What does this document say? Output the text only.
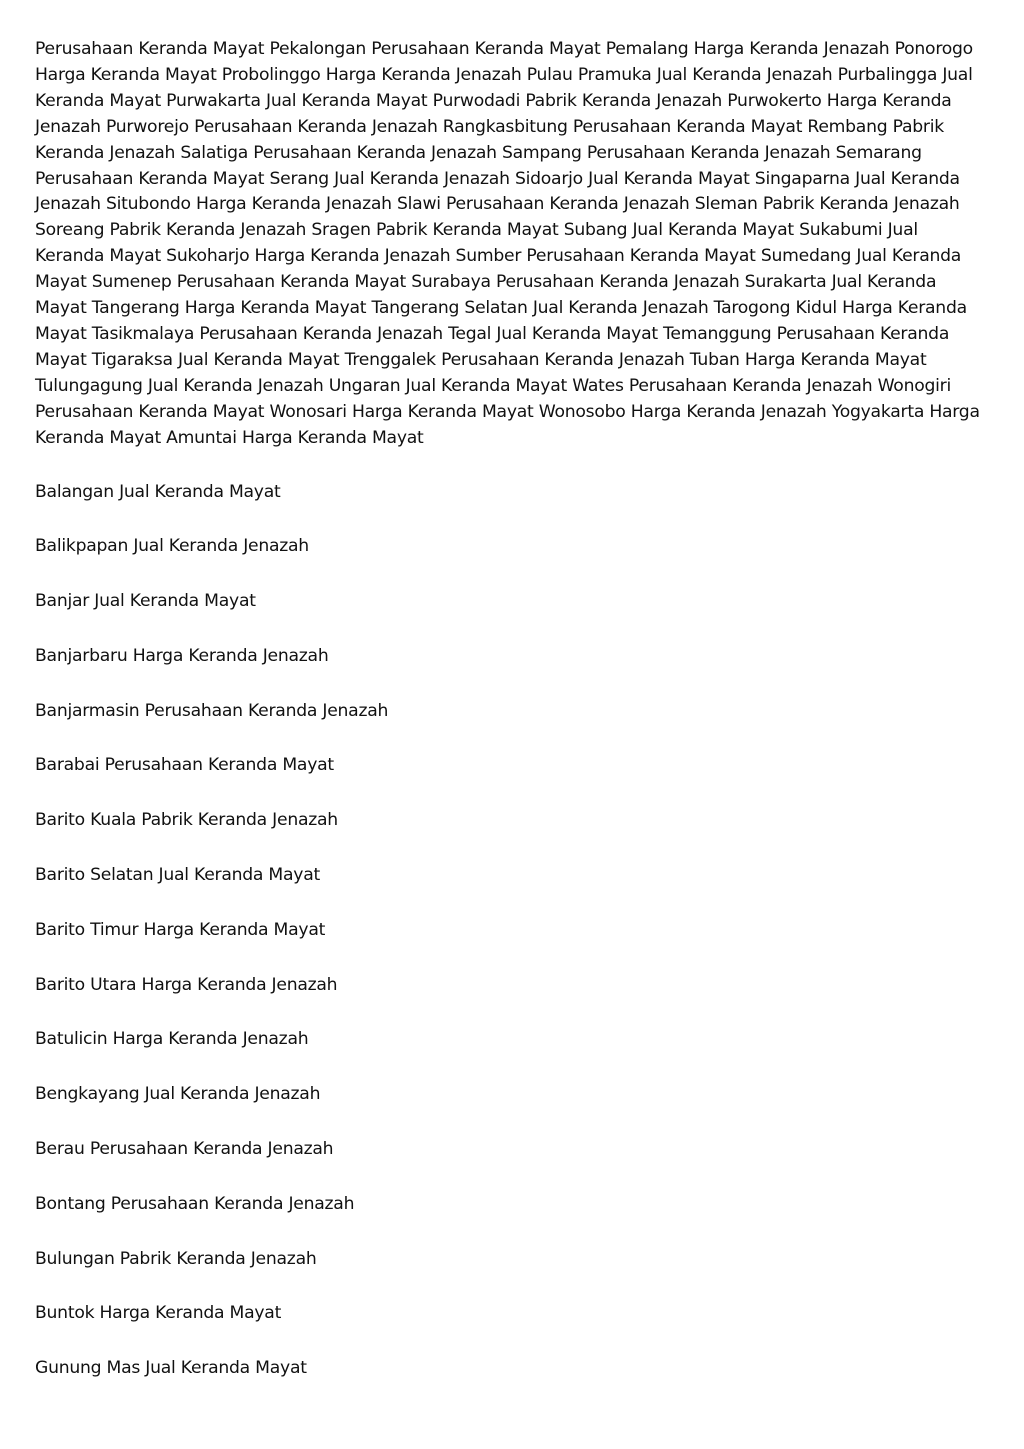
Perusahaan Keranda Mayat Pekalongan Perusahaan Keranda Mayat Pemalang Harga Keranda Jenazah Ponorogo Harga Keranda Mayat Probolinggo Harga Keranda Jenazah Pulau Pramuka Jual Keranda Jenazah Purbalingga Jual Keranda Mayat Purwakarta Jual Keranda Mayat Purwodadi Pabrik Keranda Jenazah Purwokerto Harga Keranda Jenazah Purworejo Perusahaan Keranda Jenazah Rangkasbitung Perusahaan Keranda Mayat Rembang Pabrik Keranda Jenazah Salatiga Perusahaan Keranda Jenazah Sampang Perusahaan Keranda Jenazah Semarang Perusahaan Keranda Mayat Serang Jual Keranda Jenazah Sidoarjo Jual Keranda Mayat Singaparna Jual Keranda Jenazah Situbondo Harga Keranda Jenazah Slawi Perusahaan Keranda Jenazah Sleman Pabrik Keranda Jenazah Soreang Pabrik Keranda Jenazah Sragen Pabrik Keranda Mayat Subang Jual Keranda Mayat Sukabumi Jual Keranda Mayat Sukoharjo Harga Keranda Jenazah Sumber Perusahaan Keranda Mayat Sumedang Jual Keranda Mayat Sumenep Perusahaan Keranda Mayat Surabaya Perusahaan Keranda Jenazah Surakarta Jual Keranda Mayat Tangerang Harga Keranda Mayat Tangerang Selatan Jual Keranda Jenazah Tarogong Kidul Harga Keranda Mayat Tasikmalaya Perusahaan Keranda Jenazah Tegal Jual Keranda Mayat Temanggung Perusahaan Keranda Mayat Tigaraksa Jual Keranda Mayat Trenggalek Perusahaan Keranda Jenazah Tuban Harga Keranda Mayat Tulungagung Jual Keranda Jenazah Ungaran Jual Keranda Mayat Wates Perusahaan Keranda Jenazah Wonogiri Perusahaan Keranda Mayat Wonosari Harga Keranda Mayat Wonosobo Harga Keranda Jenazah Yogyakarta Harga Keranda Mayat Amuntai Harga Keranda Mayat

Balangan Jual Keranda Mayat

Balikpapan Jual Keranda Jenazah

Banjar Jual Keranda Mayat

Banjarbaru Harga Keranda Jenazah

Banjarmasin Perusahaan Keranda Jenazah

Barabai Perusahaan Keranda Mayat

Barito Kuala Pabrik Keranda Jenazah

Barito Selatan Jual Keranda Mayat

Barito Timur Harga Keranda Mayat

Barito Utara Harga Keranda Jenazah

Batulicin Harga Keranda Jenazah

Bengkayang Jual Keranda Jenazah

Berau Perusahaan Keranda Jenazah

Bontang Perusahaan Keranda Jenazah

Bulungan Pabrik Keranda Jenazah

Buntok Harga Keranda Mayat

Gunung Mas Jual Keranda Mayat
